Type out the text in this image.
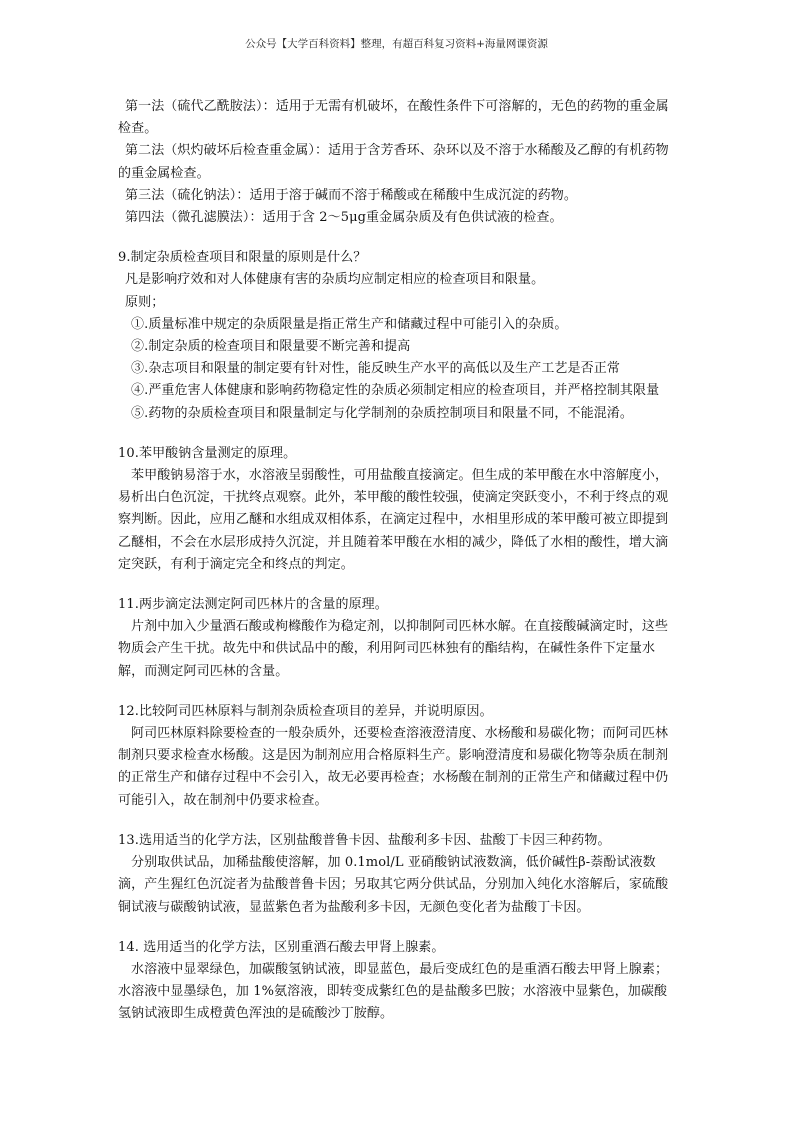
公众号【大学百科资料】整理，有超百科复习资料+海量网课资源

第一法（硫代乙酰胺法）：适用于无需有机破坏，在酸性条件下可溶解的，无色的药物的重金属检查。

第二法（炽灼破坏后检查重金属）：适用于含芳香环、杂环以及不溶于水稀酸及乙醇的有机药物的重金属检查。

第三法（硫化钠法）：适用于溶于碱而不溶于稀酸或在稀酸中生成沉淀的药物。

第四法（微孔滤膜法）：适用于含 2～5μg重金属杂质及有色供试液的检查。

9.制定杂质检查项目和限量的原则是什么？

凡是影响疗效和对人体健康有害的杂质均应制定相应的检查项目和限量。

原则；

①.质量标准中规定的杂质限量是指正常生产和储藏过程中可能引入的杂质。

②.制定杂质的检查项目和限量要不断完善和提高

③.杂志项目和限量的制定要有针对性，能反映生产水平的高低以及生产工艺是否正常

④.严重危害人体健康和影响药物稳定性的杂质必须制定相应的检查项目，并严格控制其限量

⑤.药物的杂质检查项目和限量制定与化学制剂的杂质控制项目和限量不同，不能混淆。

10.苯甲酸钠含量测定的原理。

苯甲酸钠易溶于水，水溶液呈弱酸性，可用盐酸直接滴定。但生成的苯甲酸在水中溶解度小，易析出白色沉淀，干扰终点观察。此外，苯甲酸的酸性较强，使滴定突跃变小，不利于终点的观察判断。因此，应用乙醚和水组成双相体系，在滴定过程中，水相里形成的苯甲酸可被立即提到乙醚相，不会在水层形成持久沉淀，并且随着苯甲酸在水相的减少，降低了水相的酸性，增大滴定突跃，有利于滴定完全和终点的判定。

11.两步滴定法测定阿司匹林片的含量的原理。

片剂中加入少量酒石酸或枸橼酸作为稳定剂，以抑制阿司匹林水解。在直接酸碱滴定时，这些物质会产生干扰。故先中和供试品中的酸，利用阿司匹林独有的酯结构，在碱性条件下定量水解，而测定阿司匹林的含量。

12.比较阿司匹林原料与制剂杂质检查项目的差异，并说明原因。

阿司匹林原料除要检查的一般杂质外，还要检查溶液澄清度、水杨酸和易碳化物；而阿司匹林制剂只要求检查水杨酸。这是因为制剂应用合格原料生产。影响澄清度和易碳化物等杂质在制剂的正常生产和储存过程中不会引入，故无必要再检查；水杨酸在制剂的正常生产和储藏过程中仍可能引入，故在制剂中仍要求检查。

13.选用适当的化学方法，区别盐酸普鲁卡因、盐酸利多卡因、盐酸丁卡因三种药物。

分别取供试品，加稀盐酸使溶解，加 0.1mol/L 亚硝酸钠试液数滴，低价碱性β-萘酚试液数滴，产生猩红色沉淀者为盐酸普鲁卡因；另取其它两分供试品，分别加入纯化水溶解后，家硫酸铜试液与碳酸钠试液，显蓝紫色者为盐酸利多卡因，无颜色变化者为盐酸丁卡因。

14. 选用适当的化学方法，区别重酒石酸去甲肾上腺素。

水溶液中显翠绿色，加碳酸氢钠试液，即显蓝色，最后变成红色的是重酒石酸去甲肾上腺素；水溶液中显墨绿色，加 1%氨溶液，即转变成紫红色的是盐酸多巴胺；水溶液中显紫色，加碳酸氢钠试液即生成橙黄色浑浊的是硫酸沙丁胺醇。
